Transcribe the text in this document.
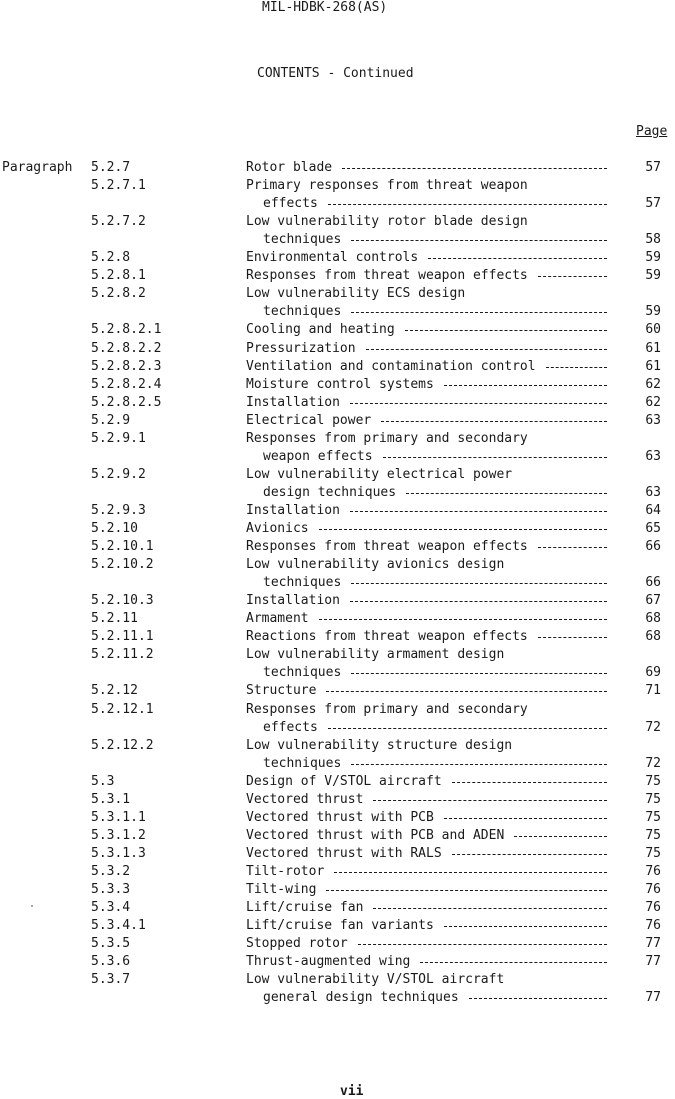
MIL-HDBK-268(AS)
CONTENTS - Continued
Page
Paragraph 5.2.7	Rotor blade	57
5.2.7.1	Primary responses from threat weapon
effects	57
5.2.7.2	Low vulnerability rotor blade design
techniques	58
5.2.8	Environmental controls	59
5.2.8.1	Responses from threat weapon effects	59
5.2.8.2	Low vulnerability ECS design
techniques	59
5.2.8.2.1	Cooling and heating	60
5.2.8.2.2	Pressurization	61
5.2.8.2.3	Ventilation and contamination control	61
5.2.8.2.4	Moisture control systems	62
5.2.8.2.5	Installation	62
5.2.9	Electrical power	63
5.2.9.1	Responses from primary and secondary
weapon effects	63
5.2.9.2	Low vulnerability electrical power
design techniques	63
5.2.9.3	Installation	64
5.2.10	Avionics	65
5.2.10.1	Responses from threat weapon effects	66
5.2.10.2	Low vulnerability avionics design
techniques	66
5.2.10.3	Installation	67
5.2.11	Armament	68
5.2.11.1	Reactions from threat weapon effects	68
5.2.11.2	Low vulnerability armament design
techniques	69
5.2.12	Structure	71
5.2.12.1	Responses from primary and secondary
effects	72
5.2.12.2	Low vulnerability structure design
techniques	72
5.3	Design of V/STOL aircraft	75
5.3.1	Vectored thrust	75
5.3.1.1	Vectored thrust with PCB	75
5.3.1.2	Vectored thrust with PCB and ADEN	75
5.3.1.3	Vectored thrust with RALS	75
5.3.2	Tilt-rotor	76
5.3.3	Tilt-wing	76
5.3.4	Lift/cruise fan	76
5.3.4.1	Lift/cruise fan variants	76
5.3.5	Stopped rotor	77
5.3.6	Thrust-augmented wing	77
5.3.7	Low vulnerability V/STOL aircraft
general design techniques	77
vii
